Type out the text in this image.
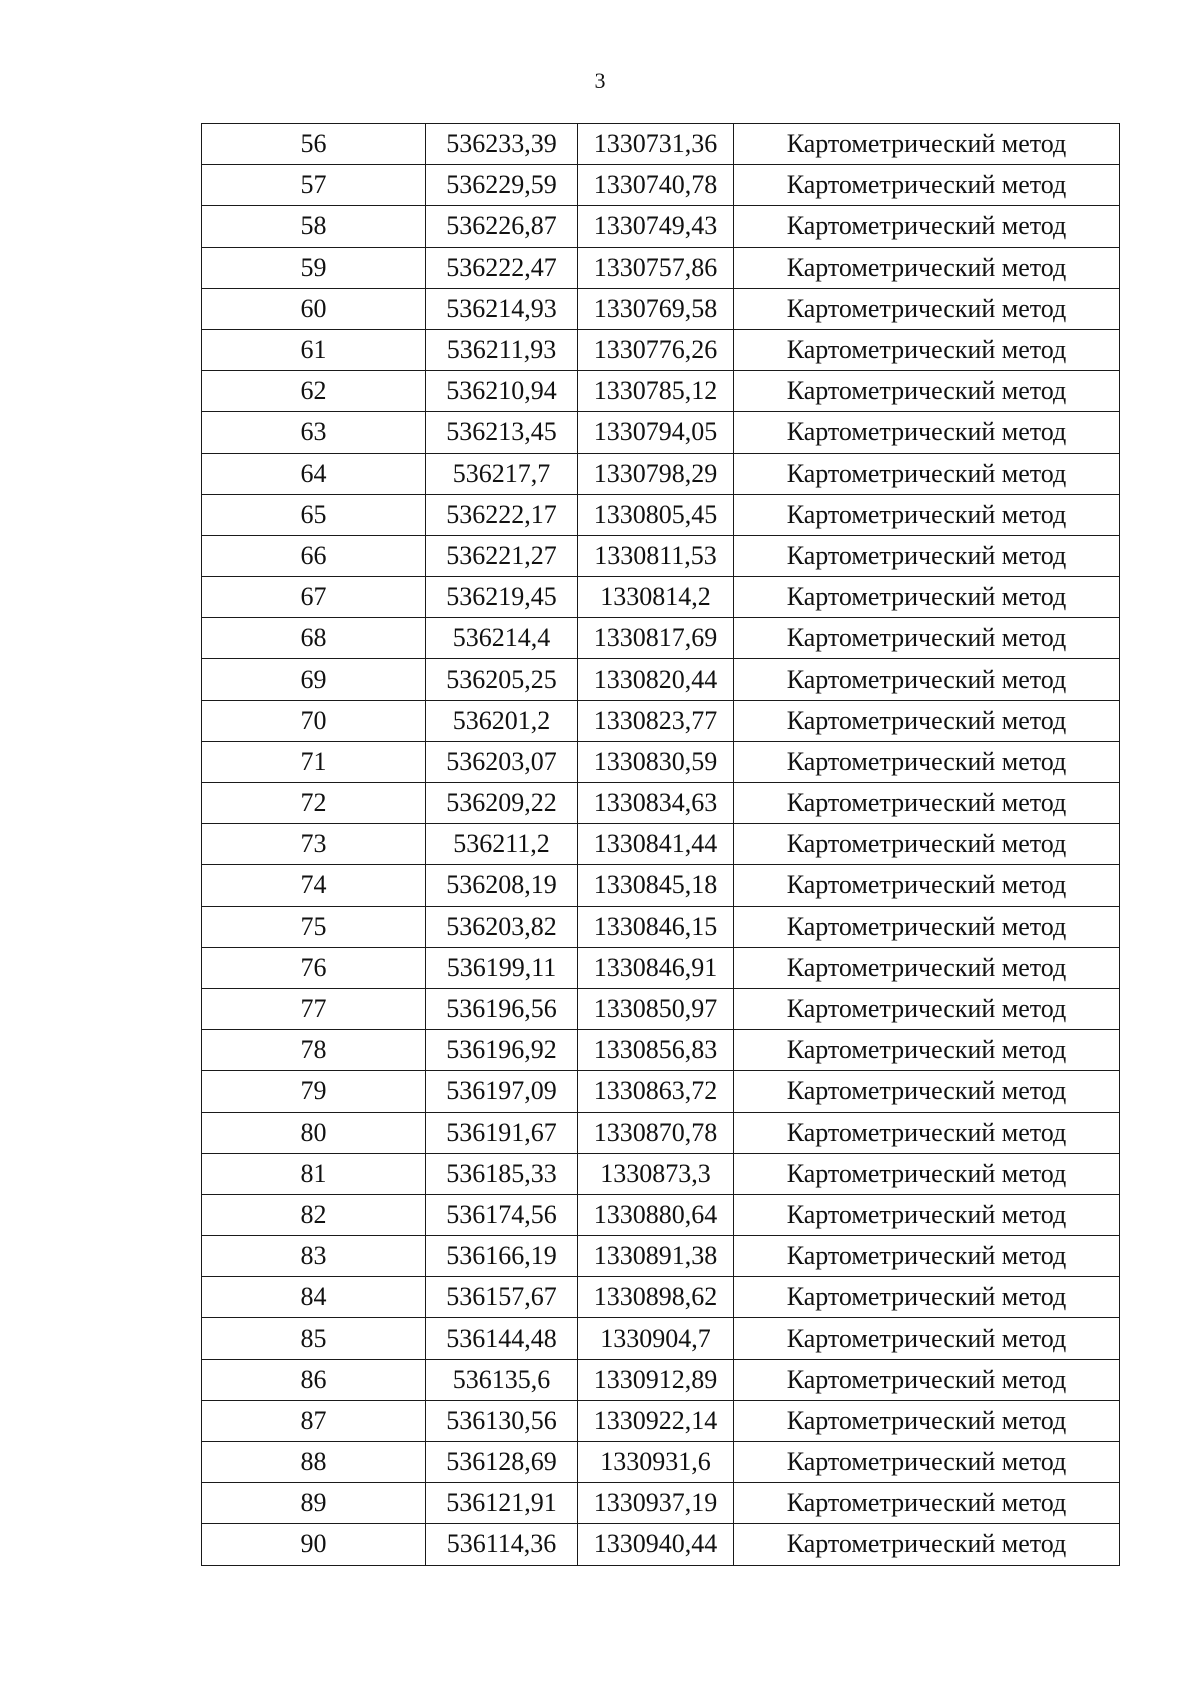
3
56	536233,39	1330731,36	Картометрический метод
57	536229,59	1330740,78	Картометрический метод
58	536226,87	1330749,43	Картометрический метод
59	536222,47	1330757,86	Картометрический метод
60	536214,93	1330769,58	Картометрический метод
61	536211,93	1330776,26	Картометрический метод
62	536210,94	1330785,12	Картометрический метод
63	536213,45	1330794,05	Картометрический метод
64	536217,7	1330798,29	Картометрический метод
65	536222,17	1330805,45	Картометрический метод
66	536221,27	1330811,53	Картометрический метод
67	536219,45	1330814,2	Картометрический метод
68	536214,4	1330817,69	Картометрический метод
69	536205,25	1330820,44	Картометрический метод
70	536201,2	1330823,77	Картометрический метод
71	536203,07	1330830,59	Картометрический метод
72	536209,22	1330834,63	Картометрический метод
73	536211,2	1330841,44	Картометрический метод
74	536208,19	1330845,18	Картометрический метод
75	536203,82	1330846,15	Картометрический метод
76	536199,11	1330846,91	Картометрический метод
77	536196,56	1330850,97	Картометрический метод
78	536196,92	1330856,83	Картометрический метод
79	536197,09	1330863,72	Картометрический метод
80	536191,67	1330870,78	Картометрический метод
81	536185,33	1330873,3	Картометрический метод
82	536174,56	1330880,64	Картометрический метод
83	536166,19	1330891,38	Картометрический метод
84	536157,67	1330898,62	Картометрический метод
85	536144,48	1330904,7	Картометрический метод
86	536135,6	1330912,89	Картометрический метод
87	536130,56	1330922,14	Картометрический метод
88	536128,69	1330931,6	Картометрический метод
89	536121,91	1330937,19	Картометрический метод
90	536114,36	1330940,44	Картометрический метод
